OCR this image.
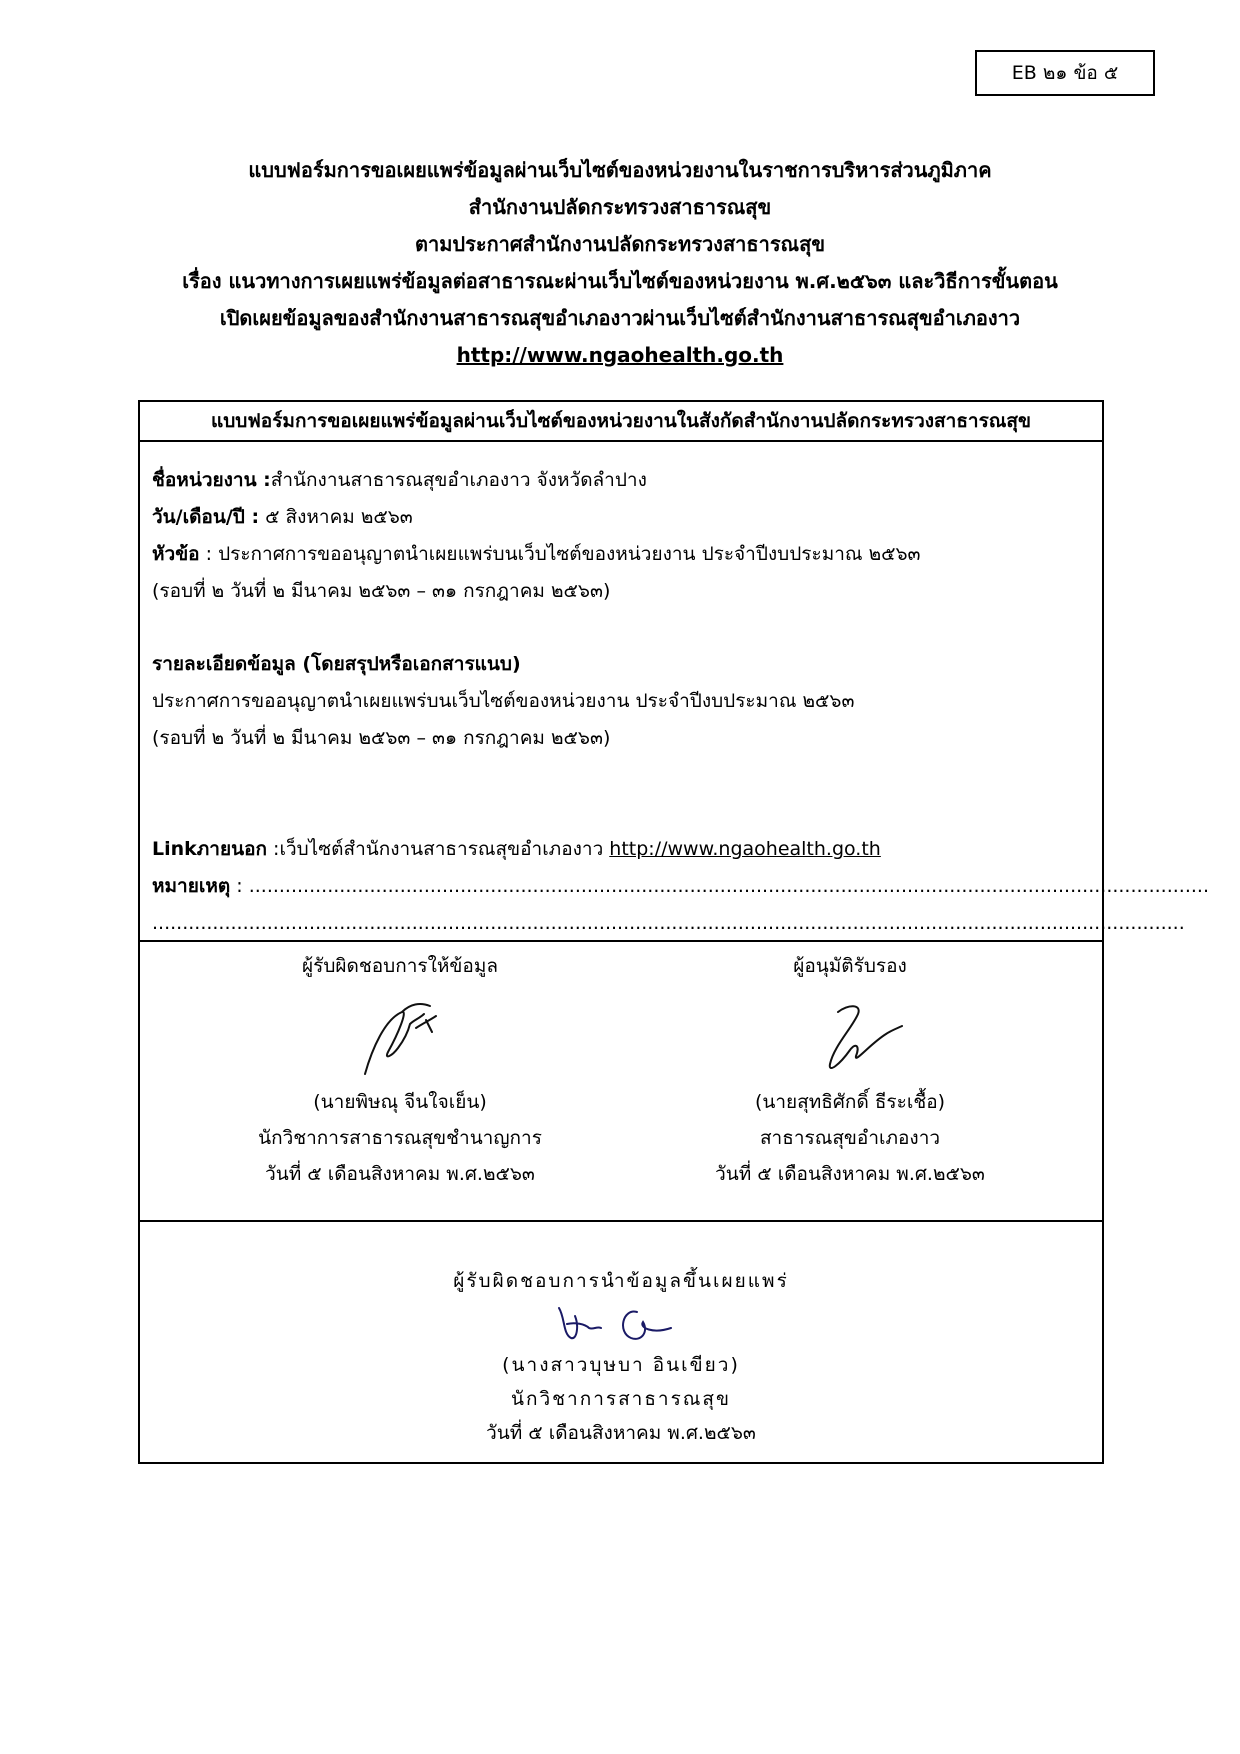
EB ๒๑ ข้อ ๕
แบบฟอร์มการขอเผยแพร่ข้อมูลผ่านเว็บไซต์ของหน่วยงานในราชการบริหารส่วนภูมิภาค
สำนักงานปลัดกระทรวงสาธารณสุข
ตามประกาศสำนักงานปลัดกระทรวงสาธารณสุข
เรื่อง แนวทางการเผยแพร่ข้อมูลต่อสาธารณะผ่านเว็บไซต์ของหน่วยงาน พ.ศ.๒๕๖๓ และวิธีการขั้นตอน
เปิดเผยข้อมูลของสำนักงานสาธารณสุขอำเภองาวผ่านเว็บไซต์สำนักงานสาธารณสุขอำเภองาว
http://www.ngaohealth.go.th
แบบฟอร์มการขอเผยแพร่ข้อมูลผ่านเว็บไซต์ของหน่วยงานในสังกัดสำนักงานปลัดกระทรวงสาธารณสุข
ชื่อหน่วยงาน :สำนักงานสาธารณสุขอำเภองาว จังหวัดลำปาง
วัน/เดือน/ปี : ๕ สิงหาคม ๒๕๖๓
หัวข้อ : ประกาศการขออนุญาตนำเผยแพร่บนเว็บไซต์ของหน่วยงาน ประจำปีงบประมาณ ๒๕๖๓
(รอบที่ ๒ วันที่ ๒ มีนาคม ๒๕๖๓ – ๓๑ กรกฎาคม ๒๕๖๓)
รายละเอียดข้อมูล (โดยสรุปหรือเอกสารแนบ)
ประกาศการขออนุญาตนำเผยแพร่บนเว็บไซต์ของหน่วยงาน ประจำปีงบประมาณ ๒๕๖๓
(รอบที่ ๒ วันที่ ๒ มีนาคม ๒๕๖๓ – ๓๑ กรกฎาคม ๒๕๖๓)
Linkภายนอก :เว็บไซต์สำนักงานสาธารณสุขอำเภองาว http://www.ngaohealth.go.th
หมายเหตุ : ...............................................................................................................................................................
...........................................................................................................................................................................
ผู้รับผิดชอบการให้ข้อมูล
(นายพิษณุ จีนใจเย็น)
นักวิชาการสาธารณสุขชำนาญการ
วันที่ ๕ เดือนสิงหาคม พ.ศ.๒๕๖๓
ผู้อนุมัติรับรอง
(นายสุทธิศักดิ์ ธีระเชื้อ)
สาธารณสุขอำเภองาว
วันที่ ๕ เดือนสิงหาคม พ.ศ.๒๕๖๓
ผู้รับผิดชอบการนำข้อมูลขึ้นเผยแพร่
(นางสาวบุษบา อินเขียว)
นักวิชาการสาธารณสุข
วันที่ ๕ เดือนสิงหาคม พ.ศ.๒๕๖๓
